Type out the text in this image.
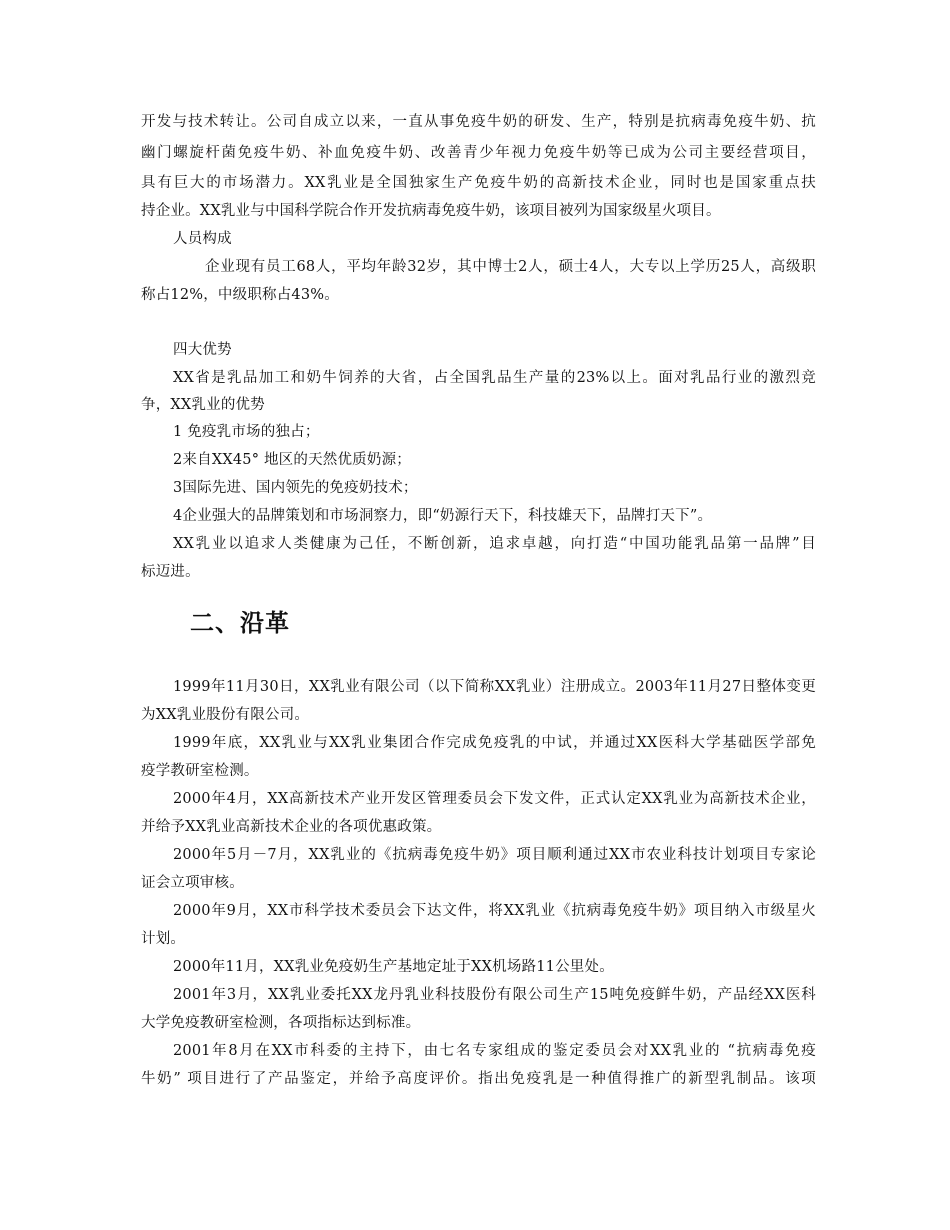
开发与技术转让。公司自成立以来，一直从事免疫牛奶的研发、生产，特别是抗病毒免疫牛奶、抗
幽门螺旋杆菌免疫牛奶、补血免疫牛奶、改善青少年视力免疫牛奶等已成为公司主要经营项目，
具有巨大的市场潜力。XX乳业是全国独家生产免疫牛奶的高新技术企业，同时也是国家重点扶
持企业。XX乳业与中国科学院合作开发抗病毒免疫牛奶，该项目被列为国家级星火项目。
人员构成
企业现有员工68人，平均年龄32岁，其中博士2人，硕士4人，大专以上学历25人，高级职
称占12%，中级职称占43%。
四大优势
XX省是乳品加工和奶牛饲养的大省，占全国乳品生产量的23%以上。面对乳品行业的激烈竞
争，XX乳业的优势
1 免疫乳市场的独占；
2来自XX45° 地区的天然优质奶源；
3国际先进、国内领先的免疫奶技术；
4企业强大的品牌策划和市场洞察力，即“奶源行天下，科技雄天下，品牌打天下”。
XX乳业以追求人类健康为己任，不断创新，追求卓越，向打造“中国功能乳品第一品牌”目
标迈进。
二、沿革
1999年11月30日，XX乳业有限公司（以下简称XX乳业）注册成立。2003年11月27日整体变更
为XX乳业股份有限公司。
1999年底，XX乳业与XX乳业集团合作完成免疫乳的中试，并通过XX医科大学基础医学部免
疫学教研室检测。
2000年4月，XX高新技术产业开发区管理委员会下发文件，正式认定XX乳业为高新技术企业，
并给予XX乳业高新技术企业的各项优惠政策。
2000年5月－7月，XX乳业的《抗病毒免疫牛奶》项目顺利通过XX市农业科技计划项目专家论
证会立项审核。
2000年9月，XX市科学技术委员会下达文件，将XX乳业《抗病毒免疫牛奶》项目纳入市级星火
计划。
2000年11月，XX乳业免疫奶生产基地定址于XX机场路11公里处。
2001年3月，XX乳业委托XX龙丹乳业科技股份有限公司生产15吨免疫鲜牛奶，产品经XX医科
大学免疫教研室检测，各项指标达到标准。
2001年8月在XX市科委的主持下，由七名专家组成的鉴定委员会对XX乳业的 “抗病毒免疫
牛奶” 项目进行了产品鉴定，并给予高度评价。指出免疫乳是一种值得推广的新型乳制品。该项
